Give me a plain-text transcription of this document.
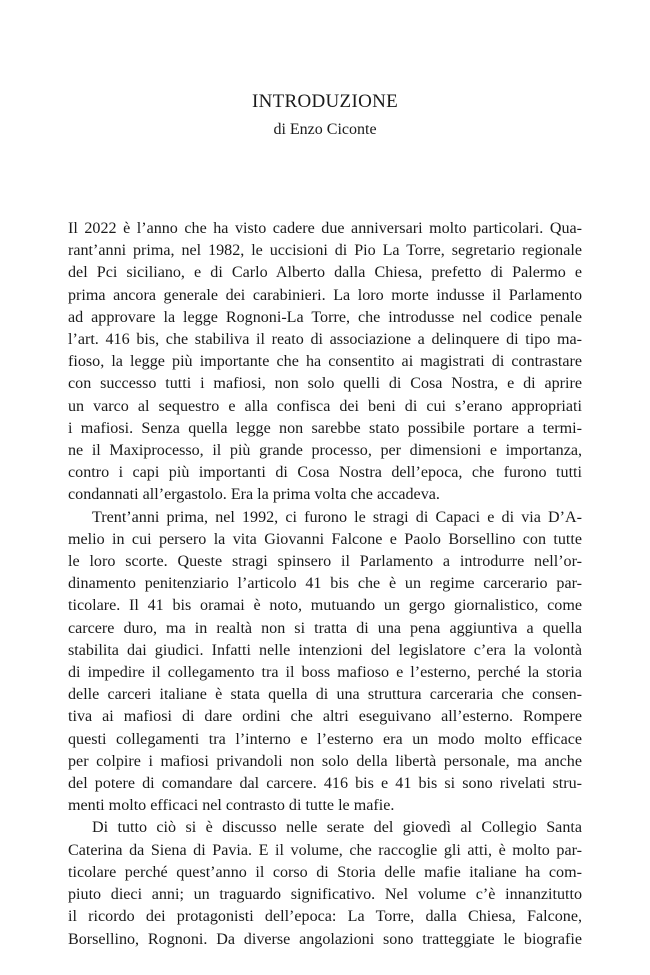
INTRODUZIONE
di Enzo Ciconte
Il 2022 è l’anno che ha visto cadere due anniversari molto particolari. Qua-
rant’anni prima, nel 1982, le uccisioni di Pio La Torre, segretario regionale
del Pci siciliano, e di Carlo Alberto dalla Chiesa, prefetto di Palermo e
prima ancora generale dei carabinieri. La loro morte indusse il Parlamento
ad approvare la legge Rognoni-La Torre, che introdusse nel codice penale
l’art. 416 bis, che stabiliva il reato di associazione a delinquere di tipo ma-
fioso, la legge più importante che ha consentito ai magistrati di contrastare
con successo tutti i mafiosi, non solo quelli di Cosa Nostra, e di aprire
un varco al sequestro e alla confisca dei beni di cui s’erano appropriati
i mafiosi. Senza quella legge non sarebbe stato possibile portare a termi-
ne il Maxiprocesso, il più grande processo, per dimensioni e importanza,
contro i capi più importanti di Cosa Nostra dell’epoca, che furono tutti
condannati all’ergastolo. Era la prima volta che accadeva.
Trent’anni prima, nel 1992, ci furono le stragi di Capaci e di via D’A-
melio in cui persero la vita Giovanni Falcone e Paolo Borsellino con tutte
le loro scorte. Queste stragi spinsero il Parlamento a introdurre nell’or-
dinamento penitenziario l’articolo 41 bis che è un regime carcerario par-
ticolare. Il 41 bis oramai è noto, mutuando un gergo giornalistico, come
carcere duro, ma in realtà non si tratta di una pena aggiuntiva a quella
stabilita dai giudici. Infatti nelle intenzioni del legislatore c’era la volontà
di impedire il collegamento tra il boss mafioso e l’esterno, perché la storia
delle carceri italiane è stata quella di una struttura carceraria che consen-
tiva ai mafiosi di dare ordini che altri eseguivano all’esterno. Rompere
questi collegamenti tra l’interno e l’esterno era un modo molto efficace
per colpire i mafiosi privandoli non solo della libertà personale, ma anche
del potere di comandare dal carcere. 416 bis e 41 bis si sono rivelati stru-
menti molto efficaci nel contrasto di tutte le mafie.
Di tutto ciò si è discusso nelle serate del giovedì al Collegio Santa
Caterina da Siena di Pavia. E il volume, che raccoglie gli atti, è molto par-
ticolare perché quest’anno il corso di Storia delle mafie italiane ha com-
piuto dieci anni; un traguardo significativo. Nel volume c’è innanzitutto
il ricordo dei protagonisti dell’epoca: La Torre, dalla Chiesa, Falcone,
Borsellino, Rognoni. Da diverse angolazioni sono tratteggiate le biografie
